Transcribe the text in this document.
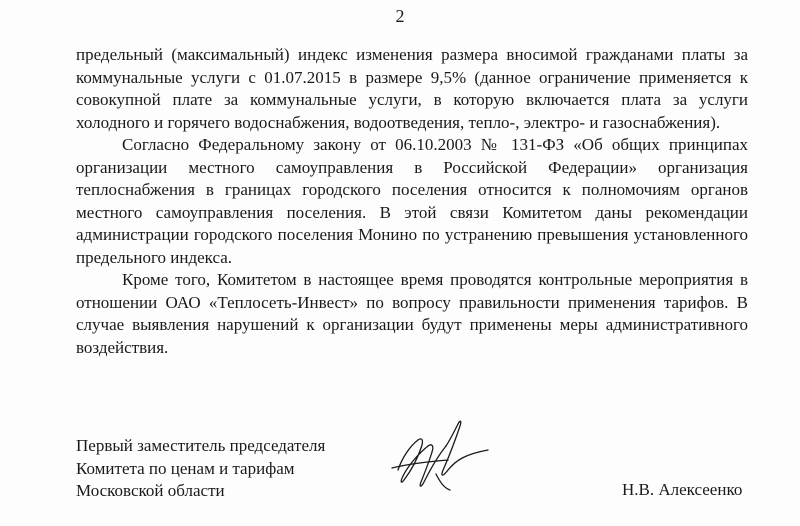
2

предельный (максимальный) индекс изменения размера вносимой гражданами платы за коммунальные услуги с 01.07.2015 в размере 9,5% (данное ограничение применяется к совокупной плате за коммунальные услуги, в которую включается плата за услуги холодного и горячего водоснабжения, водоотведения, тепло-, электро- и газоснабжения).

Согласно Федеральному закону от 06.10.2003 № 131-ФЗ «Об общих принципах организации местного самоуправления в Российской Федерации» организация теплоснабжения в границах городского поселения относится к полномочиям органов местного самоуправления поселения. В этой связи Комитетом даны рекомендации администрации городского поселения Монино по устранению превышения установленного предельного индекса.

Кроме того, Комитетом в настоящее время проводятся контрольные мероприятия в отношении ОАО «Теплосеть-Инвест» по вопросу правильности применения тарифов. В случае выявления нарушений к организации будут применены меры административного воздействия.

Первый заместитель председателя
Комитета по ценам и тарифам
Московской области	Н.В. Алексеенко
